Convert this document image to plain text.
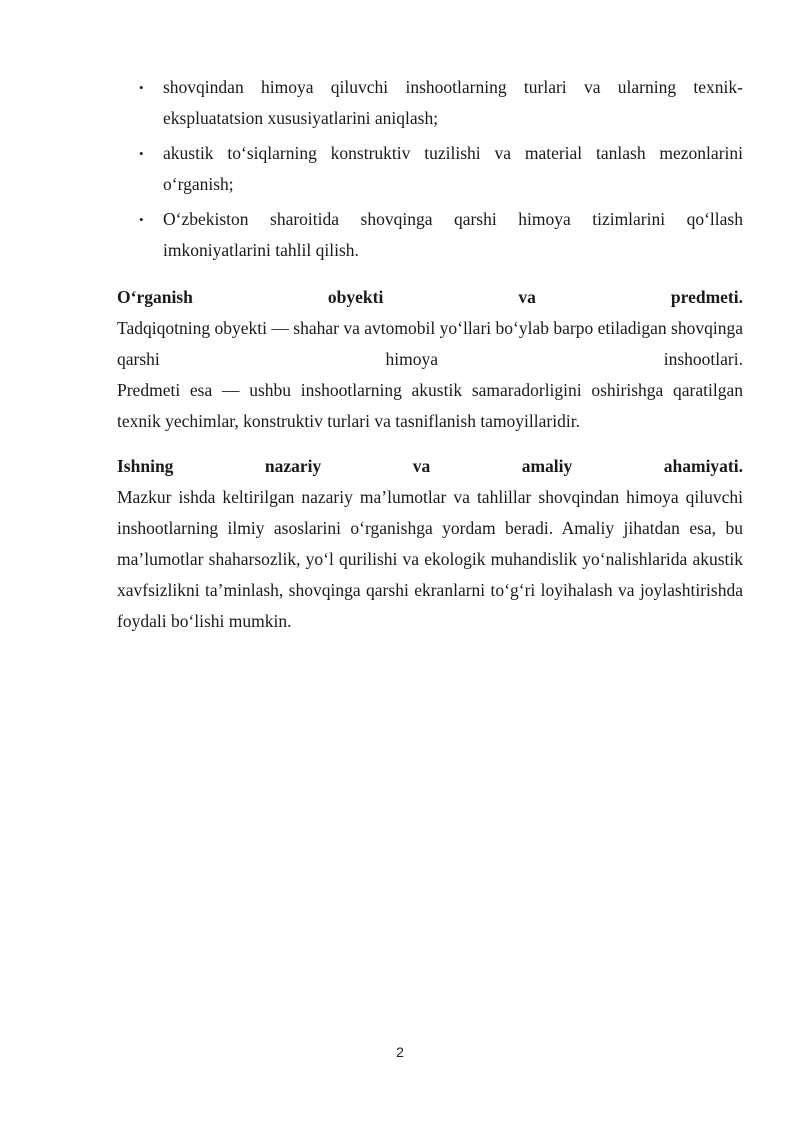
• shovqindan himoya qiluvchi inshootlarning turlari va ularning texnik-ekspluatatsion xususiyatlarini aniqlash;
• akustik to‘siqlarning konstruktiv tuzilishi va material tanlash mezonlarini o‘rganish;
• O‘zbekiston sharoitida shovqinga qarshi himoya tizimlarini qo‘llash imkoniyatlarini tahlil qilish.

O‘rganish obyekti va predmeti.

Tadqiqotning obyekti — shahar va avtomobil yo‘llari bo‘ylab barpo etiladigan shovqinga qarshi himoya inshootlari.

Predmeti esa — ushbu inshootlarning akustik samaradorligini oshirishga qaratilgan texnik yechimlar, konstruktiv turlari va tasniflanish tamoyillaridir.

Ishning nazariy va amaliy ahamiyati.

Mazkur ishda keltirilgan nazariy ma’lumotlar va tahlillar shovqindan himoya qiluvchi inshootlarning ilmiy asoslarini o‘rganishga yordam beradi. Amaliy jihatdan esa, bu ma’lumotlar shaharsozlik, yo‘l qurilishi va ekologik muhandislik yo‘nalishlarida akustik xavfsizlikni ta’minlash, shovqinga qarshi ekranlarni to‘g‘ri loyihalash va joylashtirishda foydali bo‘lishi mumkin.

2
